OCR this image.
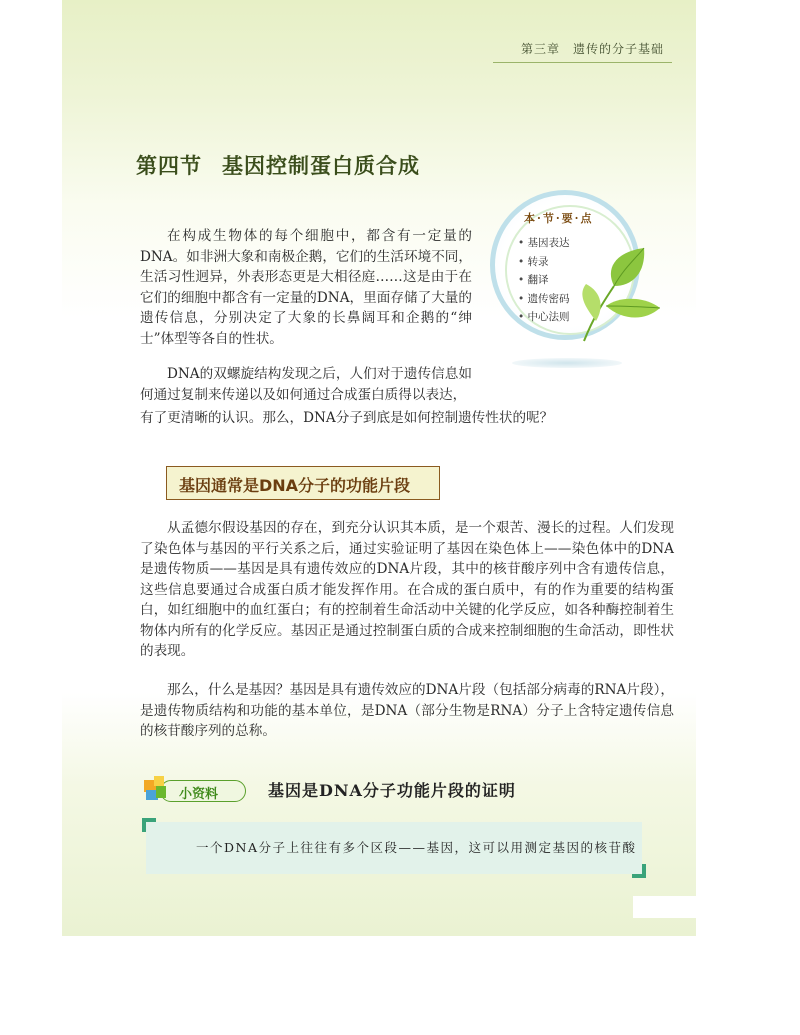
第三章　遗传的分子基础
第四节 基因控制蛋白质合成

在构成生物体的每个细胞中，都含有一定量的DNA。如非洲大象和南极企鹅，它们的生活环境不同，生活习性迥异，外表形态更是大相径庭……这是由于在它们的细胞中都含有一定量的DNA，里面存储了大量的遗传信息，分别决定了大象的长鼻阔耳和企鹅的“绅士”体型等各自的性状。

DNA的双螺旋结构发现之后，人们对于遗传信息如何通过复制来传递以及如何通过合成蛋白质得以表达，

有了更清晰的认识。那么，DNA分子到底是如何控制遗传性状的呢？

本·节·要·点
• 基因表达
• 转录
• 翻译
• 遗传密码
• 中心法则
基因通常是DNA分子的功能片段

从孟德尔假设基因的存在，到充分认识其本质，是一个艰苦、漫长的过程。人们发现了染色体与基因的平行关系之后，通过实验证明了基因在染色体上——染色体中的DNA是遗传物质——基因是具有遗传效应的DNA片段，其中的核苷酸序列中含有遗传信息，这些信息要通过合成蛋白质才能发挥作用。在合成的蛋白质中，有的作为重要的结构蛋白，如红细胞中的血红蛋白；有的控制着生命活动中关键的化学反应，如各种酶控制着生物体内所有的化学反应。基因正是通过控制蛋白质的合成来控制细胞的生命活动，即性状的表现。

那么，什么是基因？基因是具有遗传效应的DNA片段（包括部分病毒的RNA片段），是遗传物质结构和功能的基本单位，是DNA（部分生物是RNA）分子上含特定遗传信息的核苷酸序列的总称。

小资料	基因是DNA分子功能片段的证明
一个DNA分子上往往有多个区段——基因，这可以用测定基因的核苷酸
